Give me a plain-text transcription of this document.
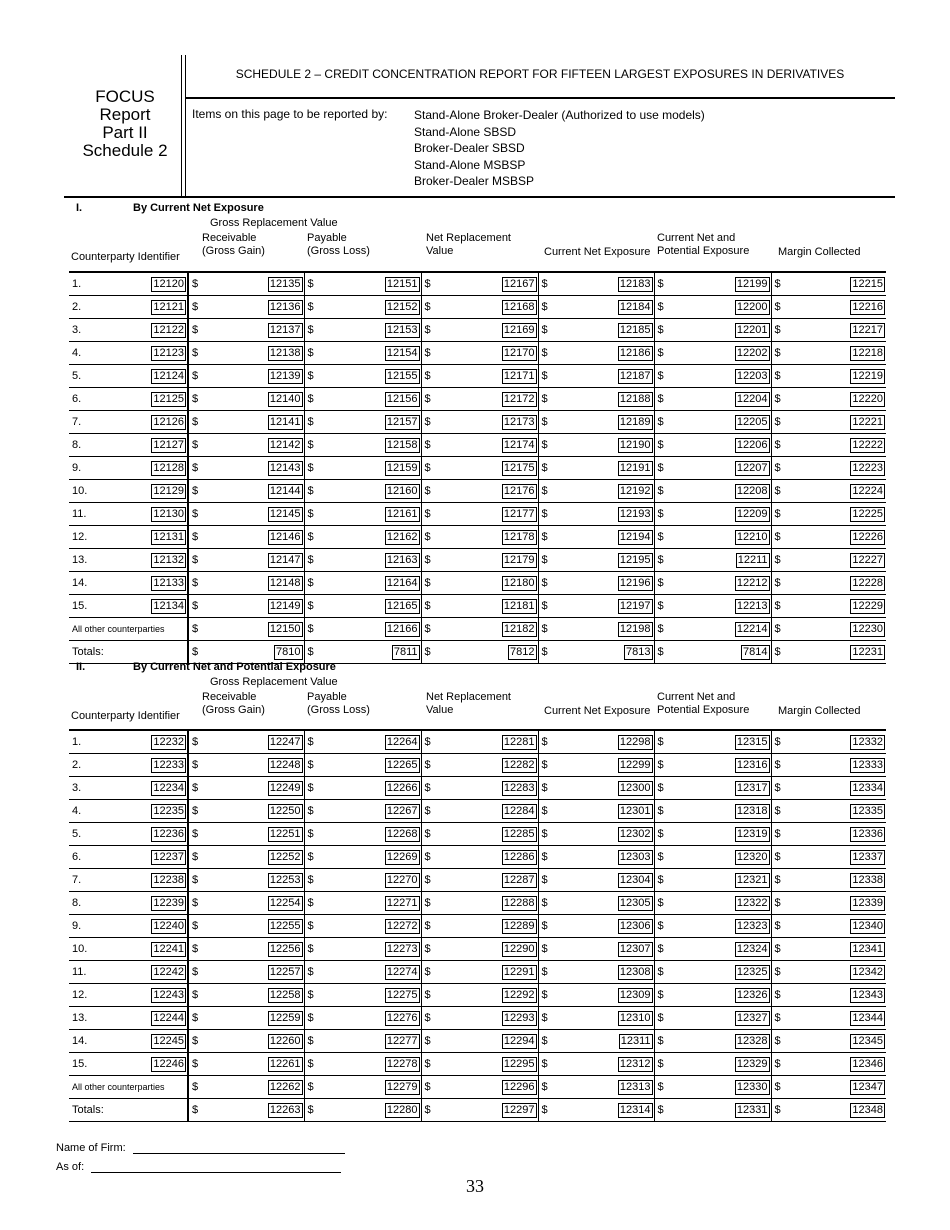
FOCUS
Report
Part II
Schedule 2
SCHEDULE 2 – CREDIT CONCENTRATION REPORT FOR FIFTEEN LARGEST EXPOSURES IN DERIVATIVES
Items on this page to be reported by: Stand-Alone Broker-Dealer (Authorized to use models)
Stand-Alone SBSD
Broker-Dealer SBSD
Stand-Alone MSBSP
Broker-Dealer MSBSP
I.	By Current Net Exposure
Gross Replacement Value
Receivable
(Gross Gain)
Payable
(Gross Loss)
Net Replacement
Value	Current Net Exposure
Current Net and
Potential Exposure	Margin Collected
Counterparty Identifier
1. 12120	$ 12135	$ 12151	$ 12167	$ 12183	$ 12199	$ 12215

2. 12121	$ 12136	$ 12152	$ 12168	$ 12184	$ 12200	$ 12216

3. 12122	$ 12137	$ 12153	$ 12169	$ 12185	$ 12201	$ 12217

4. 12123	$ 12138	$ 12154	$ 12170	$ 12186	$ 12202	$ 12218

5. 12124	$ 12139	$ 12155	$ 12171	$ 12187	$ 12203	$ 12219

6. 12125	$ 12140	$ 12156	$ 12172	$ 12188	$ 12204	$ 12220

7. 12126	$ 12141	$ 12157	$ 12173	$ 12189	$ 12205	$ 12221

8. 12127	$ 12142	$ 12158	$ 12174	$ 12190	$ 12206	$ 12222

9. 12128	$ 12143	$ 12159	$ 12175	$ 12191	$ 12207	$ 12223

10. 12129	$ 12144	$ 12160	$ 12176	$ 12192	$ 12208	$ 12224

11. 12130	$ 12145	$ 12161	$ 12177	$ 12193	$ 12209	$ 12225

12. 12131	$ 12146	$ 12162	$ 12178	$ 12194	$ 12210	$ 12226

13. 12132	$ 12147	$ 12163	$ 12179	$ 12195	$ 12211	$ 12227

14. 12133	$ 12148	$ 12164	$ 12180	$ 12196	$ 12212	$ 12228

15. 12134	$ 12149	$ 12165	$ 12181	$ 12197	$ 12213	$ 12229

All other counterparties	$ 12150	$ 12166	$ 12182	$ 12198	$ 12214	$ 12230

Totals:	$ 7810	$ 7811	$ 7812	$ 7813	$ 7814	$ 12231
II.	By Current Net and Potential Exposure
Gross Replacement Value
Receivable
(Gross Gain)
Payable
(Gross Loss)
Net Replacement
Value	Current Net Exposure
Current Net and
Potential Exposure	Margin Collected
Counterparty Identifier
1. 12232	$ 12247	$ 12264	$ 12281	$ 12298	$ 12315	$ 12332

2. 12233	$ 12248	$ 12265	$ 12282	$ 12299	$ 12316	$ 12333

3. 12234	$ 12249	$ 12266	$ 12283	$ 12300	$ 12317	$ 12334

4. 12235	$ 12250	$ 12267	$ 12284	$ 12301	$ 12318	$ 12335

5. 12236	$ 12251	$ 12268	$ 12285	$ 12302	$ 12319	$ 12336

6. 12237	$ 12252	$ 12269	$ 12286	$ 12303	$ 12320	$ 12337

7. 12238	$ 12253	$ 12270	$ 12287	$ 12304	$ 12321	$ 12338

8. 12239	$ 12254	$ 12271	$ 12288	$ 12305	$ 12322	$ 12339

9. 12240	$ 12255	$ 12272	$ 12289	$ 12306	$ 12323	$ 12340

10. 12241	$ 12256	$ 12273	$ 12290	$ 12307	$ 12324	$ 12341

11. 12242	$ 12257	$ 12274	$ 12291	$ 12308	$ 12325	$ 12342

12. 12243	$ 12258	$ 12275	$ 12292	$ 12309	$ 12326	$ 12343

13. 12244	$ 12259	$ 12276	$ 12293	$ 12310	$ 12327	$ 12344

14. 12245	$ 12260	$ 12277	$ 12294	$ 12311	$ 12328	$ 12345

15. 12246	$ 12261	$ 12278	$ 12295	$ 12312	$ 12329	$ 12346

All other counterparties	$ 12262	$ 12279	$ 12296	$ 12313	$ 12330	$ 12347

Totals:	$ 12263	$ 12280	$ 12297	$ 12314	$ 12331	$ 12348
Name of Firm:
As of:
33
